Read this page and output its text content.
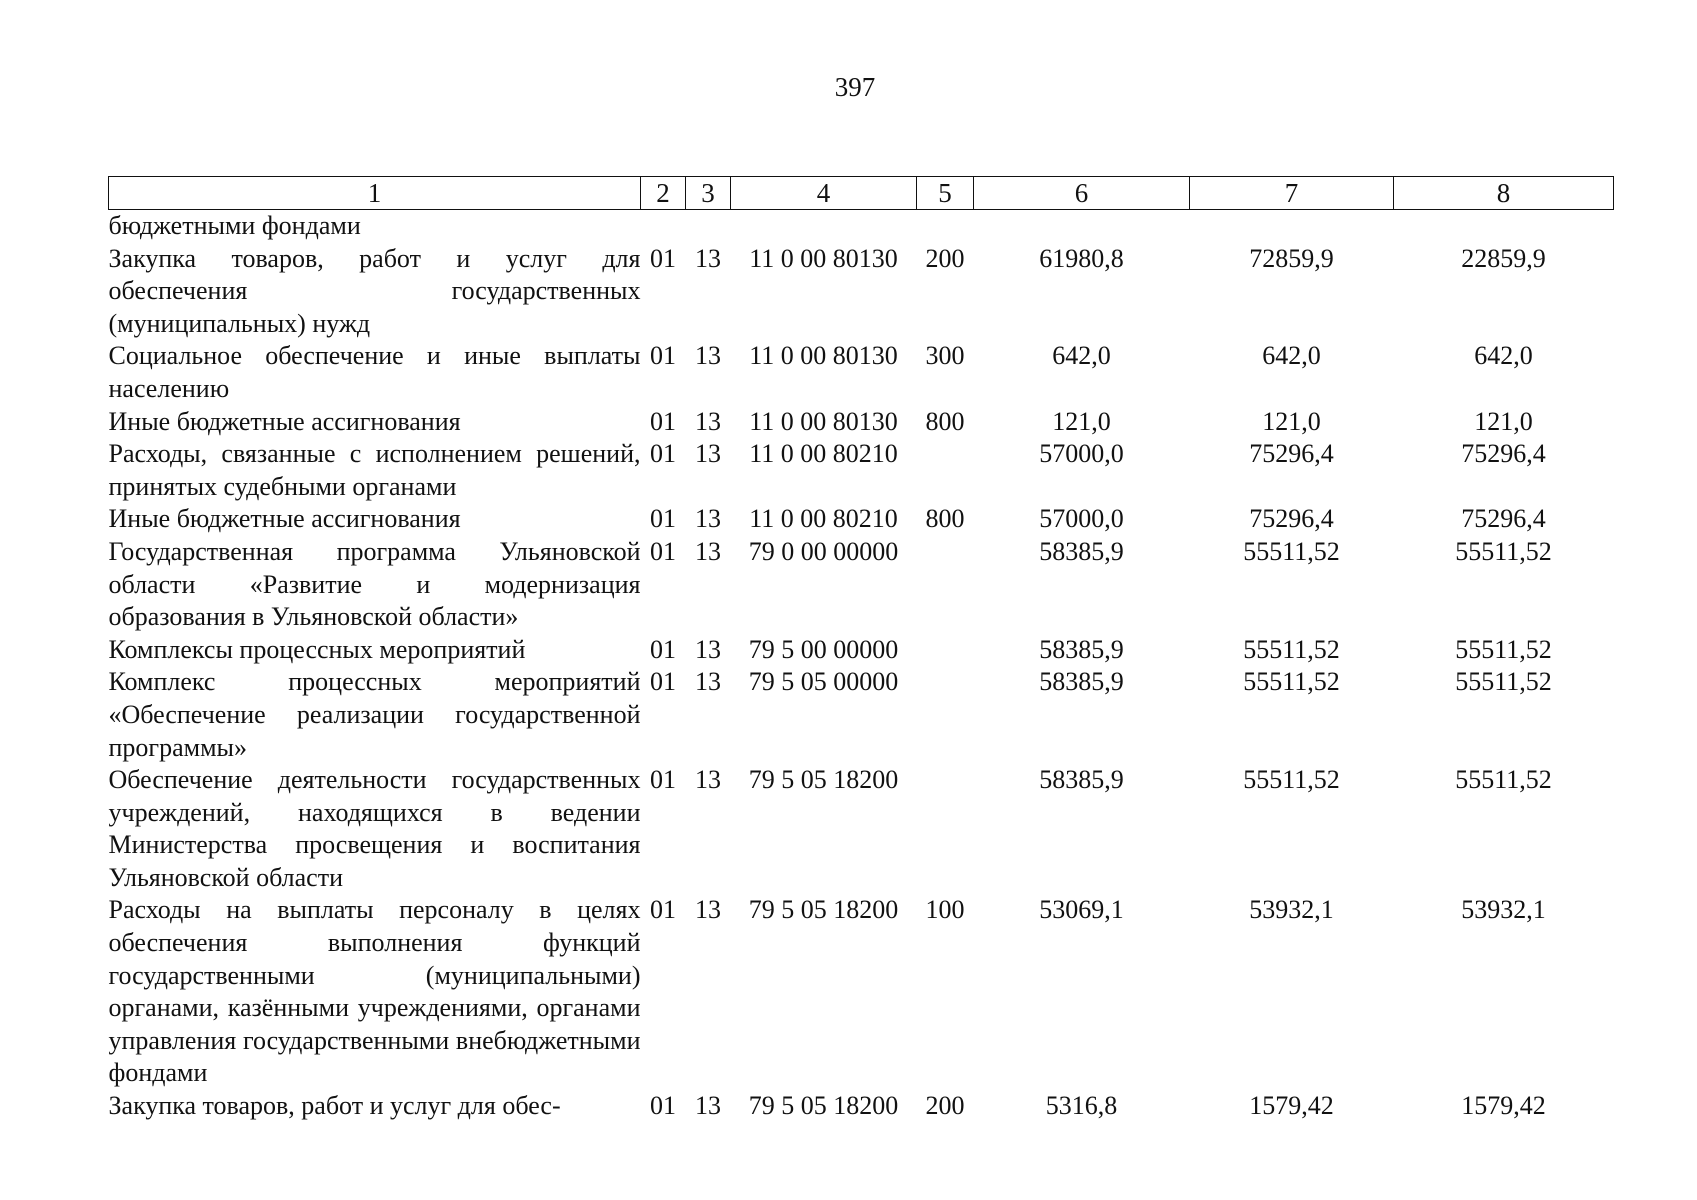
397
1	2	3	4	5	6	7	8
бюджетными фондами							
Закупка товаров, работ и услуг для обеспечения государственных (муниципальных) нужд	01	13	11 0 00 80130	200	61980,8	72859,9	22859,9
Социальное обеспечение и иные выплаты населению	01	13	11 0 00 80130	300	642,0	642,0	642,0
Иные бюджетные ассигнования	01	13	11 0 00 80130	800	121,0	121,0	121,0
Расходы, связанные с исполнением решений, принятых судебными органами	01	13	11 0 00 80210		57000,0	75296,4	75296,4
Иные бюджетные ассигнования	01	13	11 0 00 80210	800	57000,0	75296,4	75296,4
Государственная программа Ульяновской области «Развитие и модернизация образования в Ульяновской области»	01	13	79 0 00 00000		58385,9	55511,52	55511,52
Комплексы процессных мероприятий	01	13	79 5 00 00000		58385,9	55511,52	55511,52
Комплекс процессных мероприятий «Обеспечение реализации государственной программы»	01	13	79 5 05 00000		58385,9	55511,52	55511,52
Обеспечение деятельности государственных учреждений, находящихся в ведении Министерства просвещения и воспитания Ульяновской области	01	13	79 5 05 18200		58385,9	55511,52	55511,52
Расходы на выплаты персоналу в целях обеспечения выполнения функций государственными (муниципальными) органами, казёнными учреждениями, органами управления государственными внебюджетными фондами	01	13	79 5 05 18200	100	53069,1	53932,1	53932,1
Закупка товаров, работ и услуг для обес-	01	13	79 5 05 18200	200	5316,8	1579,42	1579,42
